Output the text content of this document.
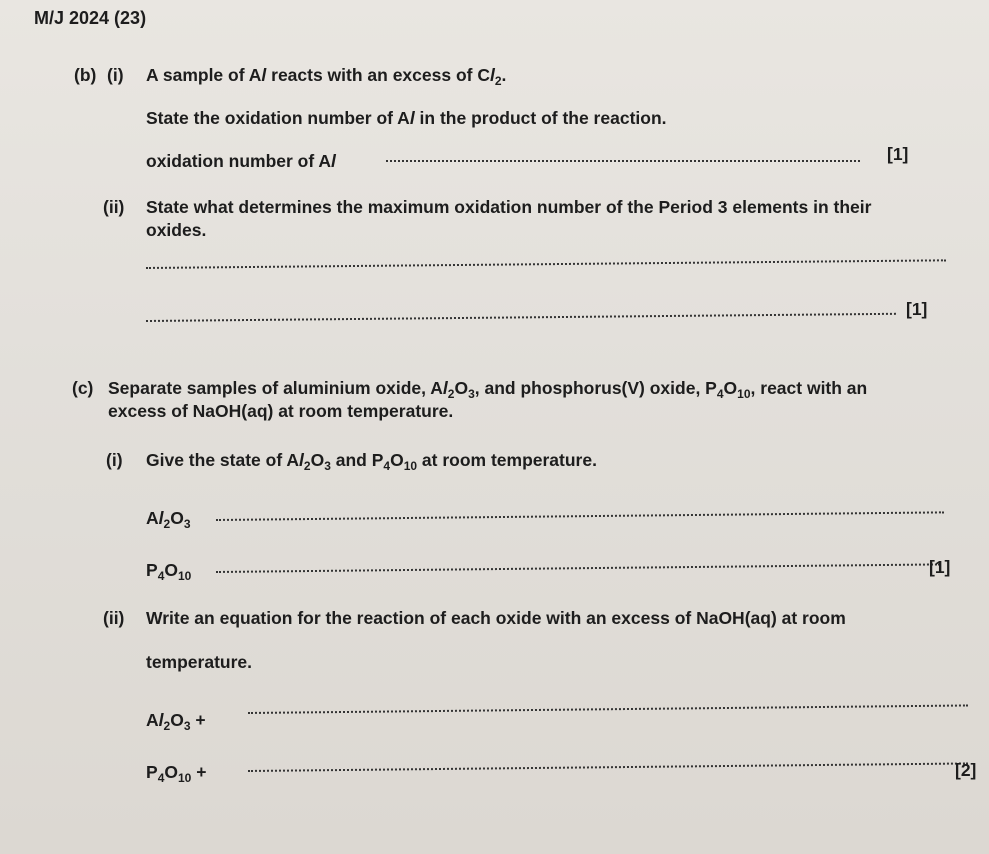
M/J 2024 (23)
(b) (i) A sample of Al reacts with an excess of $Cl_2$.
State the oxidation number of Al in the product of the reaction.
oxidation number of Al	[1]
(ii) State what determines the maximum oxidation number of the Period 3 elements in their
oxides.
[1]
(c) Separate samples of aluminium oxide, $Al_2O_3$, and phosphorus(V) oxide, $P_4O_{10}$, react with an
excess of NaOH(aq) at room temperature.
(i) Give the state of $Al_2O_3$ and $P_4O_{10}$ at room temperature.
$Al_2O_3$
$P_4O_{10}$	[1]
(ii) Write an equation for the reaction of each oxide with an excess of NaOH(aq) at room
temperature.
$Al_2O_3$ +
$P_4O_{10}$ +	[2]
